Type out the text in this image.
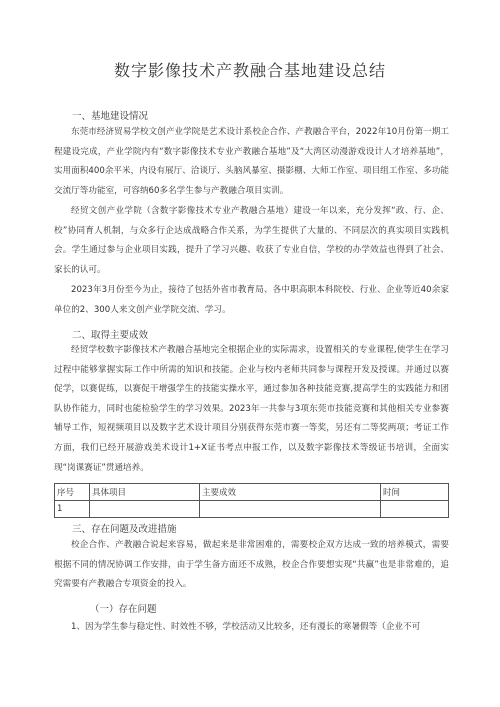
数字影像技术产教融合基地建设总结
一、基地建设情况

东莞市经济贸易学校文创产业学院是艺术设计系校企合作、产教融合平台，2022年10月份第一期工程建设完成，产业学院内有“数字影像技术专业产教融合基地”及“大湾区动漫游戏设计人才培养基地”，实用面积400余平米，内设有展厅、洽谈厅、头脑风暴室、摄影棚、大师工作室、项目组工作室、多功能交流厅等功能室，可容纳60多名学生参与产教融合项目实训。

经贸文创产业学院（含数字影像技术专业产教融合基地）建设一年以来，充分发挥“政、行、企、校”协同育人机制，与众多行企达成战略合作关系，为学生提供了大量的、不同层次的真实项目实践机会。学生通过参与企业项目实践，提升了学习兴趣、收获了专业自信，学校的办学效益也得到了社会、家长的认可。

2023年3月份至今为止，接待了包括外省市教育局、各中职高职本科院校、行业、企业等近40余家单位的2、300人来文创产业学院交流、学习。

二、取得主要成效

经贸学校数字影像技术产教融合基地完全根据企业的实际需求，设置相关的专业课程,使学生在学习过程中能够掌握实际工作中所需的知识和技能。企业与校内老师共同参与课程开发及授课。并通过以赛促学，以赛促练，以赛促干增强学生的技能实操水平，通过参加各种技能竞赛,提高学生的实践能力和团队协作能力，同时也能检验学生的学习效果。2023年一共参与3项东莞市技能竞赛和其他相关专业参赛辅导工作，短视频项目以及数字艺术设计项目分别获得东莞市赛一等奖，另还有二等奖两项；考证工作方面，我们已经开展游戏美术设计1+X证书考点申报工作，以及数字影像技术等级证书培训，全面实现“岗课赛证”贯通培养。

序号	具体项目	主要成效	时间
1			
三、存在问题及改进措施

校企合作、产教融合说起来容易，做起来是非常困难的，需要校企双方达成一致的培养模式，需要根据不同的情况协调工作安排，由于学生备方面还不成熟，校企合作要想实现“共赢”也是非常难的，追究需要有产教融合专项资金的投入。

（一）存在问题

1、因为学生参与稳定性、时效性不够，学校活动又比较多，还有漫长的寒暑假等（企业不可
